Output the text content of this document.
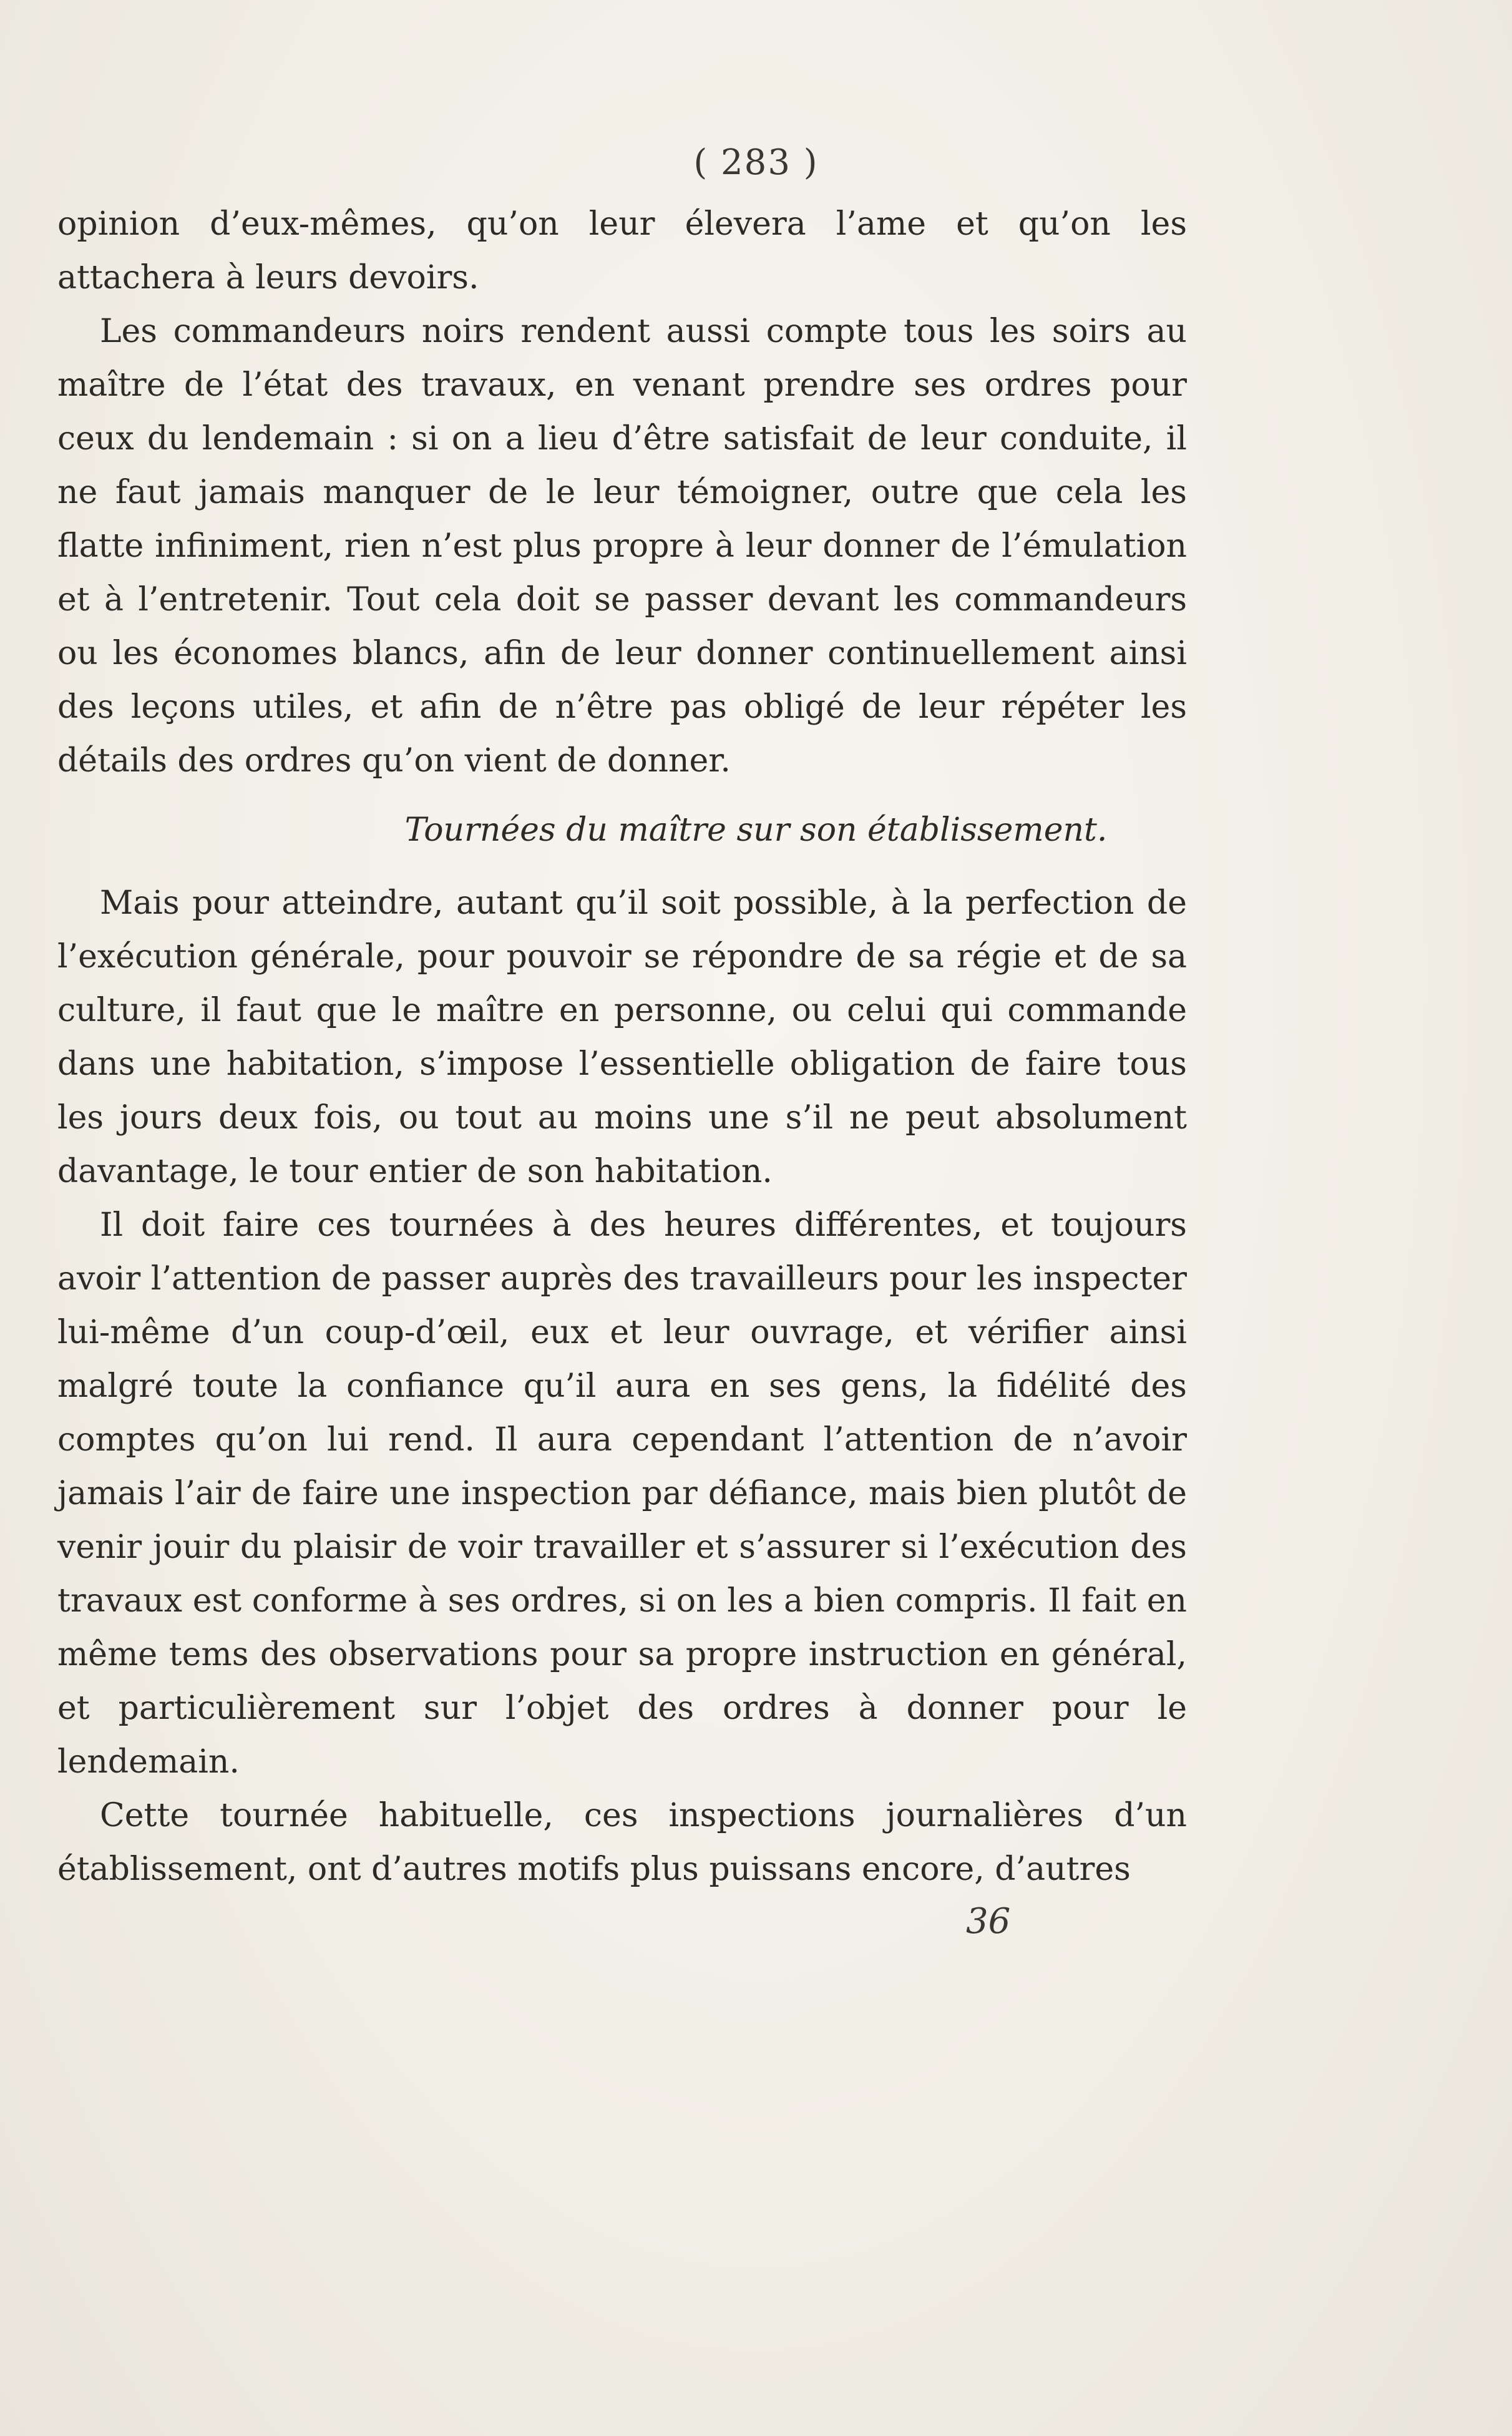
( 283 )

opinion d’eux-mêmes, qu’on leur élevera l’ame et qu’on les attachera à leurs devoirs.

Les commandeurs noirs rendent aussi compte tous les soirs au maître de l’état des travaux, en venant prendre ses ordres pour ceux du lendemain : si on a lieu d’être satisfait de leur conduite, il ne faut jamais manquer de le leur témoigner, outre que cela les flatte infiniment, rien n’est plus propre à leur donner de l’émulation et à l’entretenir. Tout cela doit se passer devant les commandeurs ou les économes blancs, afin de leur donner continuellement ainsi des leçons utiles, et afin de n’être pas obligé de leur répéter les détails des ordres qu’on vient de donner.

Tournées du maître sur son établissement.

Mais pour atteindre, autant qu’il soit possible, à la perfection de l’exécution générale, pour pouvoir se répondre de sa régie et de sa culture, il faut que le maître en personne, ou celui qui commande dans une habitation, s’impose l’essentielle obligation de faire tous les jours deux fois, ou tout au moins une s’il ne peut absolument davantage, le tour entier de son habitation.

Il doit faire ces tournées à des heures différentes, et toujours avoir l’attention de passer auprès des travailleurs pour les inspecter lui-même d’un coup-d’œil, eux et leur ouvrage, et vérifier ainsi malgré toute la confiance qu’il aura en ses gens, la fidélité des comptes qu’on lui rend. Il aura cependant l’attention de n’avoir jamais l’air de faire une inspection par défiance, mais bien plutôt de venir jouir du plaisir de voir travailler et s’assurer si l’exécution des travaux est conforme à ses ordres, si on les a bien compris. Il fait en même tems des observations pour sa propre instruction en général, et particulièrement sur l’objet des ordres à donner pour le lendemain.

Cette tournée habituelle, ces inspections journalières d’un établissement, ont d’autres motifs plus puissans encore, d’autres

36
